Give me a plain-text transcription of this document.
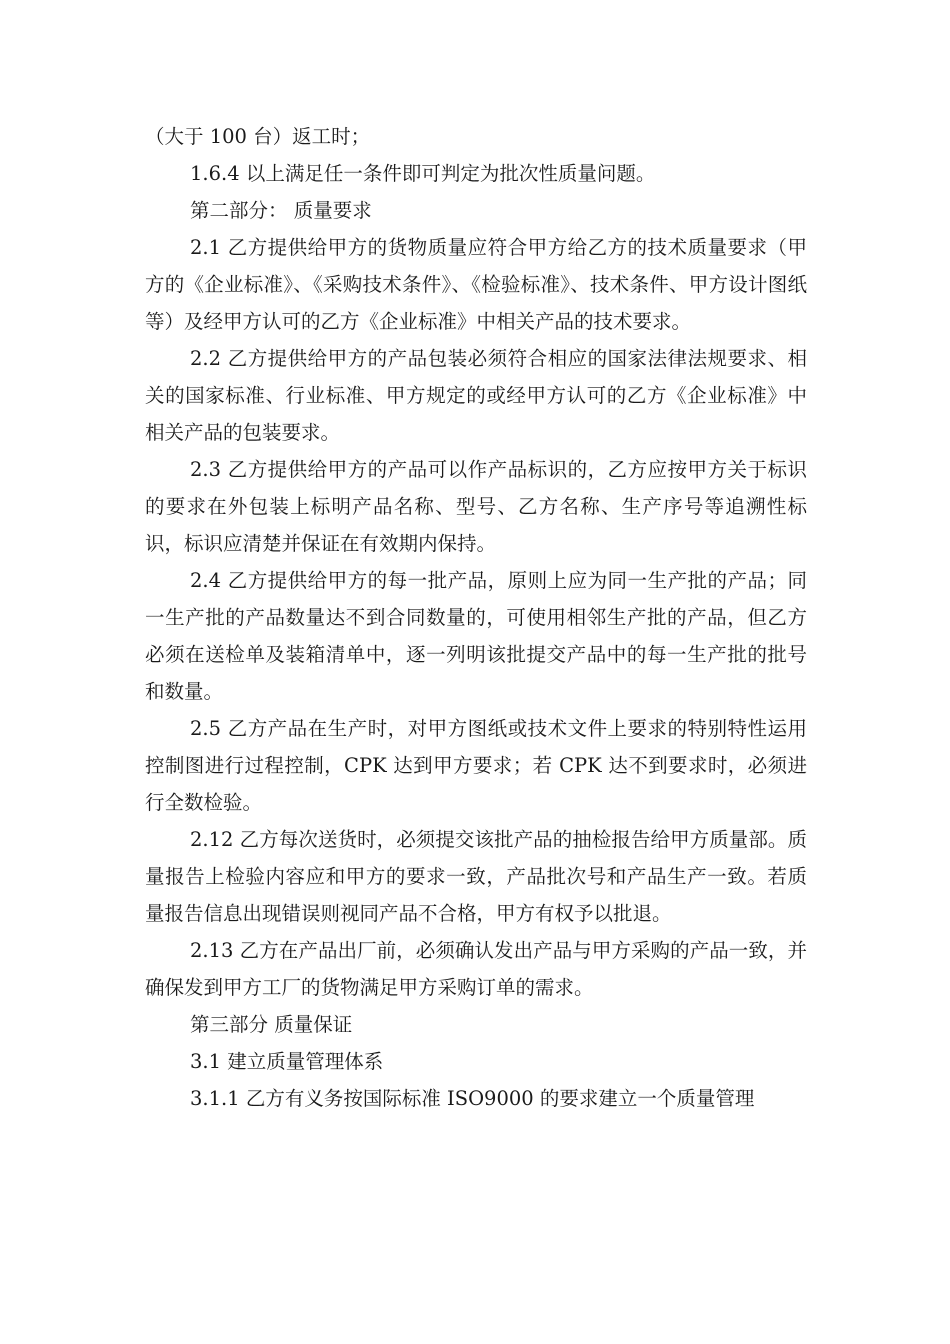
（大于 100 台）返工时；

1.6.4 以上满足任一条件即可判定为批次性质量问题。

第二部分： 质量要求

2.1 乙方提供给甲方的货物质量应符合甲方给乙方的技术质量要求（甲方的《企业标准》、《采购技术条件》、《检验标准》、技术条件、甲方设计图纸等）及经甲方认可的乙方《企业标准》中相关产品的技术要求。

2.2 乙方提供给甲方的产品包装必须符合相应的国家法律法规要求、相关的国家标准、行业标准、甲方规定的或经甲方认可的乙方《企业标准》中相关产品的包装要求。

2.3 乙方提供给甲方的产品可以作产品标识的，乙方应按甲方关于标识的要求在外包装上标明产品名称、型号、乙方名称、生产序号等追溯性标识，标识应清楚并保证在有效期内保持。

2.4 乙方提供给甲方的每一批产品，原则上应为同一生产批的产品；同一生产批的产品数量达不到合同数量的，可使用相邻生产批的产品，但乙方必须在送检单及装箱清单中，逐一列明该批提交产品中的每一生产批的批号和数量。

2.5 乙方产品在生产时，对甲方图纸或技术文件上要求的特别特性运用控制图进行过程控制，CPK 达到甲方要求；若 CPK 达不到要求时，必须进行全数检验。

2.12 乙方每次送货时，必须提交该批产品的抽检报告给甲方质量部。质量报告上检验内容应和甲方的要求一致，产品批次号和产品生产一致。若质量报告信息出现错误则视同产品不合格，甲方有权予以批退。

2.13 乙方在产品出厂前，必须确认发出产品与甲方采购的产品一致，并确保发到甲方工厂的货物满足甲方采购订单的需求。

第三部分 质量保证

3.1 建立质量管理体系

3.1.1 乙方有义务按国际标准 ISO9000 的要求建立一个质量管理
